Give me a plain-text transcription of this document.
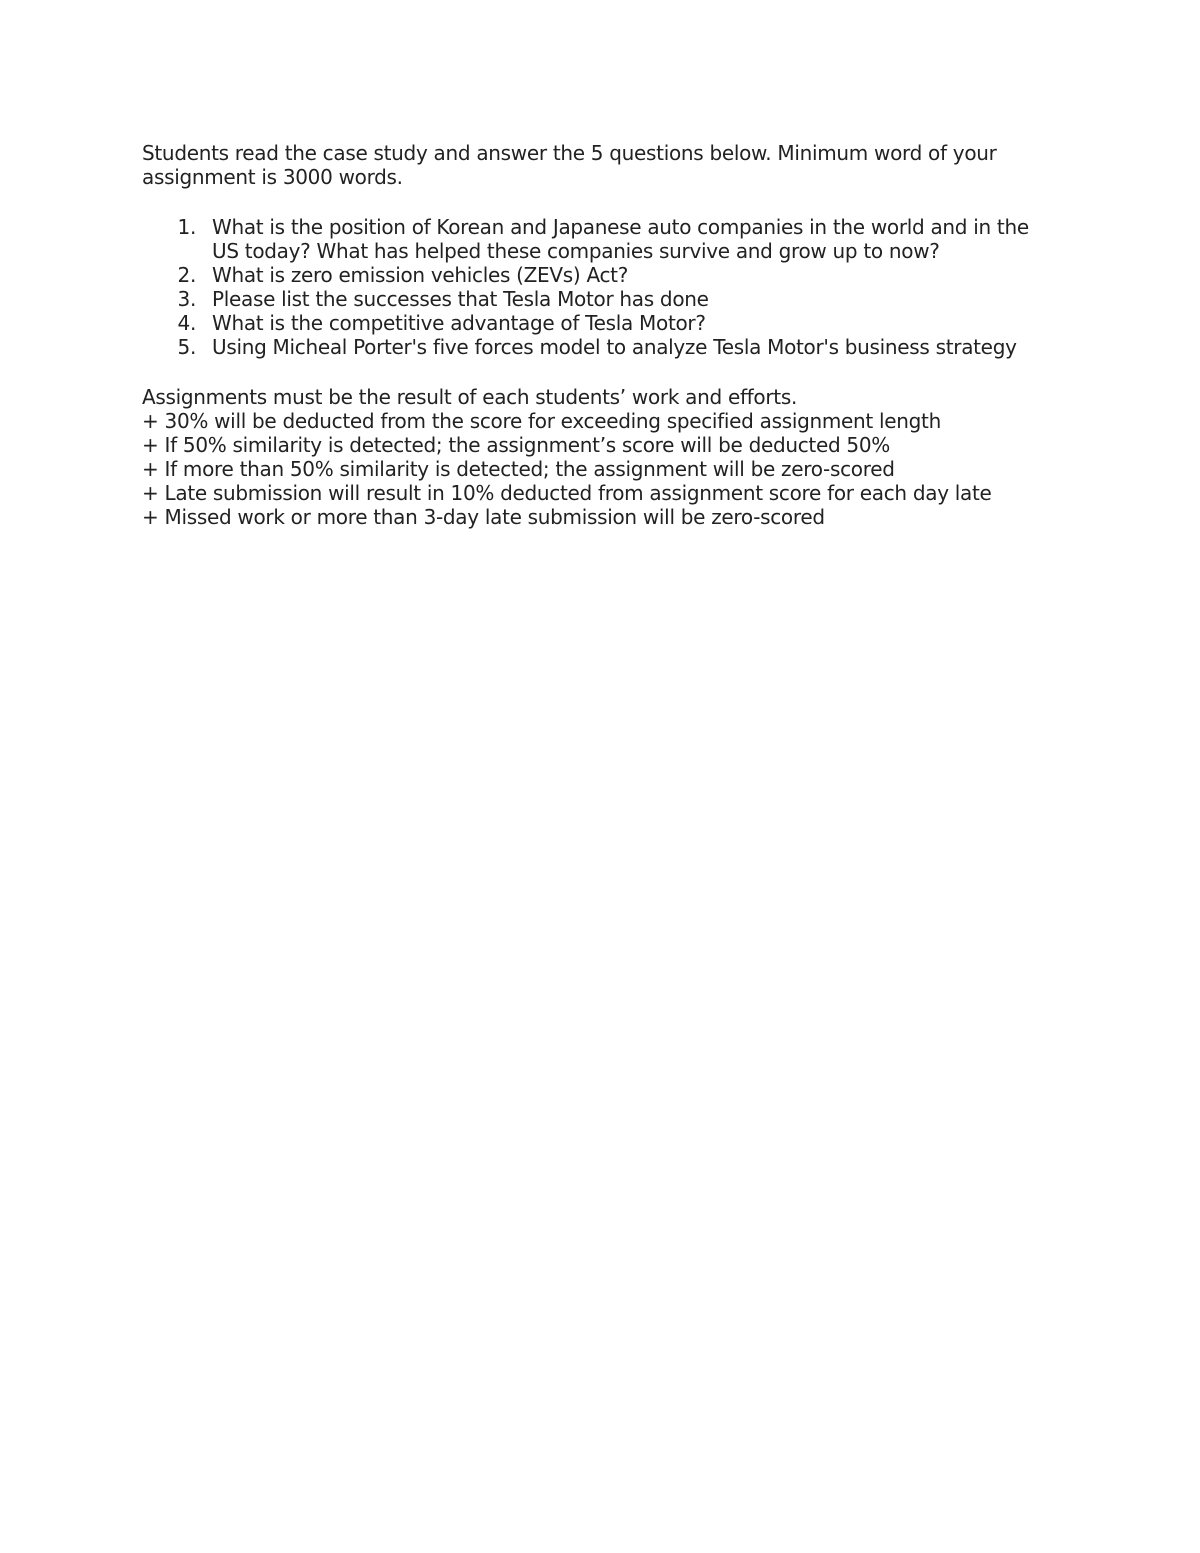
Students read the case study and answer the 5 questions below. Minimum word of your assignment is 3000 words.

1. What is the position of Korean and Japanese auto companies in the world and in the US today? What has helped these companies survive and grow up to now?
2. What is zero emission vehicles (ZEVs) Act?
3. Please list the successes that Tesla Motor has done
4. What is the competitive advantage of Tesla Motor?
5. Using Micheal Porter's five forces model to analyze Tesla Motor's business strategy

Assignments must be the result of each students’ work and efforts.

+ 30% will be deducted from the score for exceeding specified assignment length

+ If 50% similarity is detected; the assignment’s score will be deducted 50%

+ If more than 50% similarity is detected; the assignment will be zero-scored

+ Late submission will result in 10% deducted from assignment score for each day late

+ Missed work or more than 3-day late submission will be zero-scored
